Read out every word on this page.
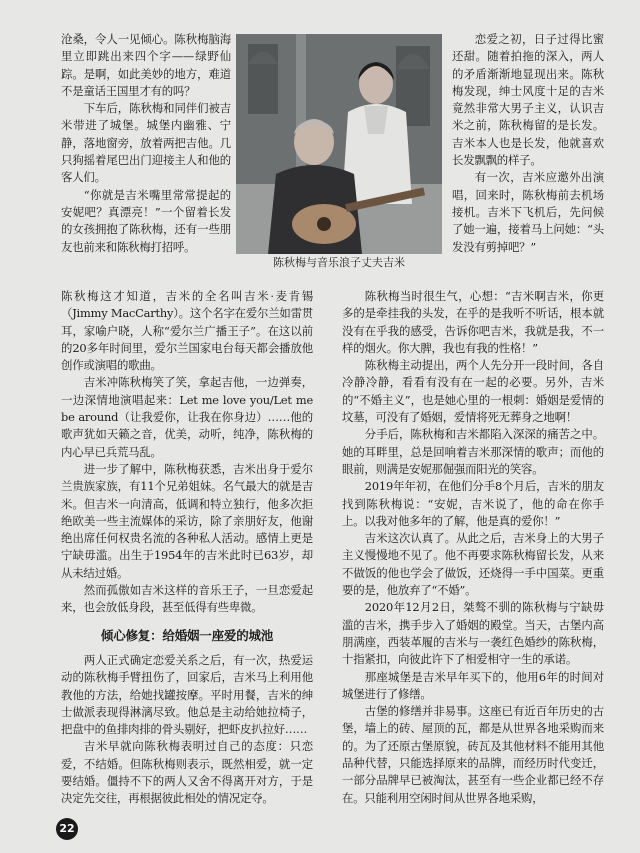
陈秋梅与音乐浪子丈夫吉米

沧桑，令人一见倾心。陈秋梅脑海里立即跳出来四个字——绿野仙踪。是啊，如此美妙的地方，难道不是童话王国里才有的吗？

下车后，陈秋梅和同伴们被吉米带进了城堡。城堡内幽雅、宁静，落地窗旁，放着两把吉他。几只狗摇着尾巴出门迎接主人和他的客人们。

“你就是吉米嘴里常常提起的安妮吧？真漂亮！”一个留着长发的女孩拥抱了陈秋梅，还有一些朋友也前来和陈秋梅打招呼。

恋爱之初，日子过得比蜜还甜。随着拍拖的深入，两人的矛盾渐渐地显现出来。陈秋梅发现，绅士风度十足的吉米竟然非常大男子主义，认识吉米之前，陈秋梅留的是长发。吉米本人也是长发，他就喜欢长发飘飘的样子。

有一次，吉米应邀外出演唱，回来时，陈秋梅前去机场接机。吉米下飞机后，先问候了她一遍，接着马上问她：“头发没有剪掉吧？”

陈秋梅这才知道，吉米的全名叫吉米·麦肯锡（Jimmy MacCarthy）。这个名字在爱尔兰如雷贯耳，家喻户晓，人称“爱尔兰广播王子”。在这以前的20多年时间里，爱尔兰国家电台每天都会播放他创作或演唱的歌曲。

吉米冲陈秋梅笑了笑，拿起吉他，一边弹奏，一边深情地演唱起来：Let me love you/Let me be around（让我爱你，让我在你身边）……他的歌声犹如天籁之音，优美，动听，纯净，陈秋梅的内心早已兵荒马乱。

进一步了解中，陈秋梅获悉，吉米出身于爱尔兰贵族家族，有11个兄弟姐妹。名气最大的就是吉米。但吉米一向清高，低调和特立独行，他多次拒绝欧美一些主流媒体的采访，除了亲朋好友，他谢绝出席任何权贵名流的各种私人活动。感情上更是宁缺毋滥。出生于1954年的吉米此时已63岁，却从未结过婚。

然而孤傲如吉米这样的音乐王子，一旦恋爱起来，也会放低身段，甚至低得有些卑微。

倾心修复：给婚姻一座爱的城池

两人正式确定恋爱关系之后，有一次，热爱运动的陈秋梅手臂扭伤了，回家后，吉米马上利用他教他的方法，给她找罐按摩。平时用餐，吉米的绅士做派表现得淋漓尽致。他总是主动给她拉椅子，把盘中的鱼排肉排的骨头剔好，把虾皮扒拉好……

吉米早就向陈秋梅表明过自己的态度：只恋爱，不结婚。但陈秋梅则表示，既然相爱，就一定要结婚。僵持不下的两人又舍不得离开对方，于是决定先交往，再根据彼此相处的情况定夺。

陈秋梅当时很生气，心想：“吉米啊吉米，你更多的是牵挂我的头发，在乎的是我听不听话，根本就没有在乎我的感受，告诉你吧吉米，我就是我，不一样的烟火。你大脾，我也有我的性格！”

陈秋梅主动提出，两个人先分开一段时间，各自冷静冷静，看看有没有在一起的必要。另外，吉米的“不婚主义”，也是她心里的一根刺：婚姻是爱情的坟墓，可没有了婚姻，爱情将死无葬身之地啊！

分手后，陈秋梅和吉米都陷入深深的痛苦之中。她的耳畔里，总是回响着吉米那深情的歌声；而他的眼前，则满是安妮那倔强而阳光的笑容。

2019年年初，在他们分手8个月后，吉米的朋友找到陈秋梅说：“安妮，吉米说了，他的命在你手上。以我对他多年的了解，他是真的爱你！”

吉米这次认真了。从此之后，吉米身上的大男子主义慢慢地不见了。他不再要求陈秋梅留长发，从来不做饭的他也学会了做饭，还烧得一手中国菜。更重要的是，他放弃了“不婚”。

2020年12月2日，桀骜不驯的陈秋梅与宁缺毋滥的吉米，携手步入了婚姻的殿堂。当天，古堡内高朋满座，西装革履的吉米与一袭红色婚纱的陈秋梅，十指紧扣，向彼此许下了相爱相守一生的承诺。

那座城堡是吉米早年买下的，他用6年的时间对城堡进行了修缮。

古堡的修缮并非易事。这座已有近百年历史的古堡，墙上的砖、屋顶的瓦，都是从世界各地采购而来的。为了还原古堡原貌，砖瓦及其他材料不能用其他品种代替，只能选择原来的品牌，而经历时代变迁，一部分品牌早已被淘汰，甚至有一些企业都已经不存在。只能利用空闲时间从世界各地采购，

22
